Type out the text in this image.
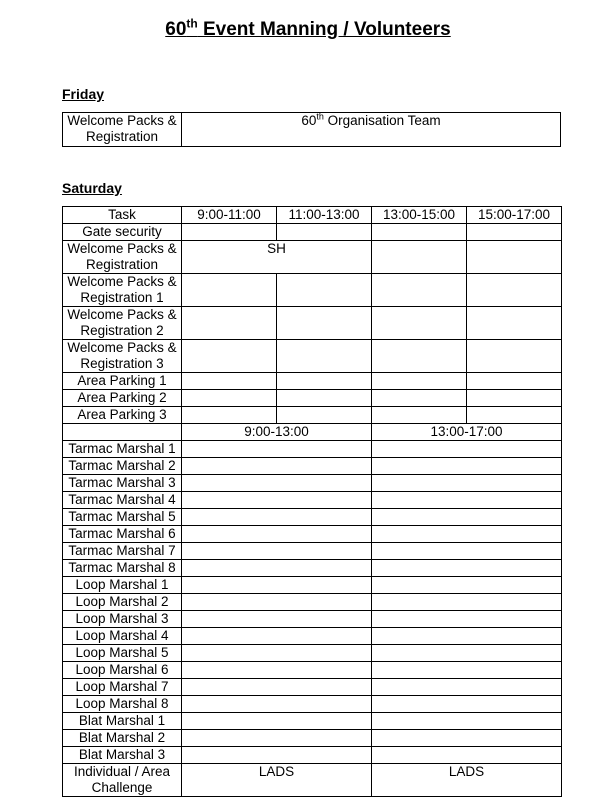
60th Event Manning / Volunteers
Friday
Welcome Packs & Registration	60th Organisation Team
Saturday
Task	9:00-11:00	11:00-13:00	13:00-15:00	15:00-17:00
Gate security				
Welcome Packs & Registration	SH			
Welcome Packs & Registration 1				
Welcome Packs & Registration 2				
Welcome Packs & Registration 3				
Area Parking 1				
Area Parking 2				
Area Parking 3				
	9:00-13:00		13:00-17:00	
Tarmac Marshal 1				
Tarmac Marshal 2				
Tarmac Marshal 3				
Tarmac Marshal 4				
Tarmac Marshal 5				
Tarmac Marshal 6				
Tarmac Marshal 7				
Tarmac Marshal 8				
Loop Marshal 1				
Loop Marshal 2				
Loop Marshal 3				
Loop Marshal 4				
Loop Marshal 5				
Loop Marshal 6				
Loop Marshal 7				
Loop Marshal 8				
Blat Marshal 1				
Blat Marshal 2				
Blat Marshal 3				
Individual / Area Challenge	LADS		LADS	
